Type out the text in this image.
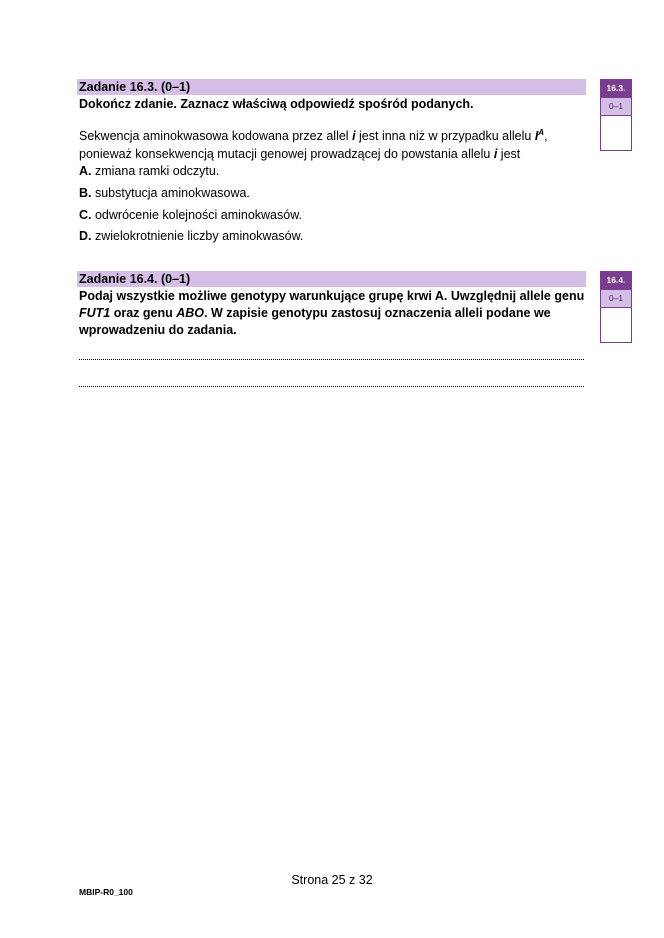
Zadanie 16.3. (0–1)
Dokończ zdanie. Zaznacz właściwą odpowiedź spośród podanych.
16.3.
0–1
Sekwencja aminokwasowa kodowana przez allel i jest inna niż w przypadku allelu $I^A$,
ponieważ konsekwencją mutacji genowej prowadzącej do powstania allelu i jest
A. zmiana ramki odczytu.
B. substytucja aminokwasowa.
C. odwrócenie kolejności aminokwasów.
D. zwielokrotnienie liczby aminokwasów.
Zadanie 16.4. (0–1)	16.4.
0–1
Podaj wszystkie możliwe genotypy warunkujące grupę krwi A. Uwzględnij allele genu
FUT1 oraz genu ABO. W zapisie genotypu zastosuj oznaczenia alleli podane we
wprowadzeniu do zadania.
Strona 25 z 32
MBIP-R0_100
